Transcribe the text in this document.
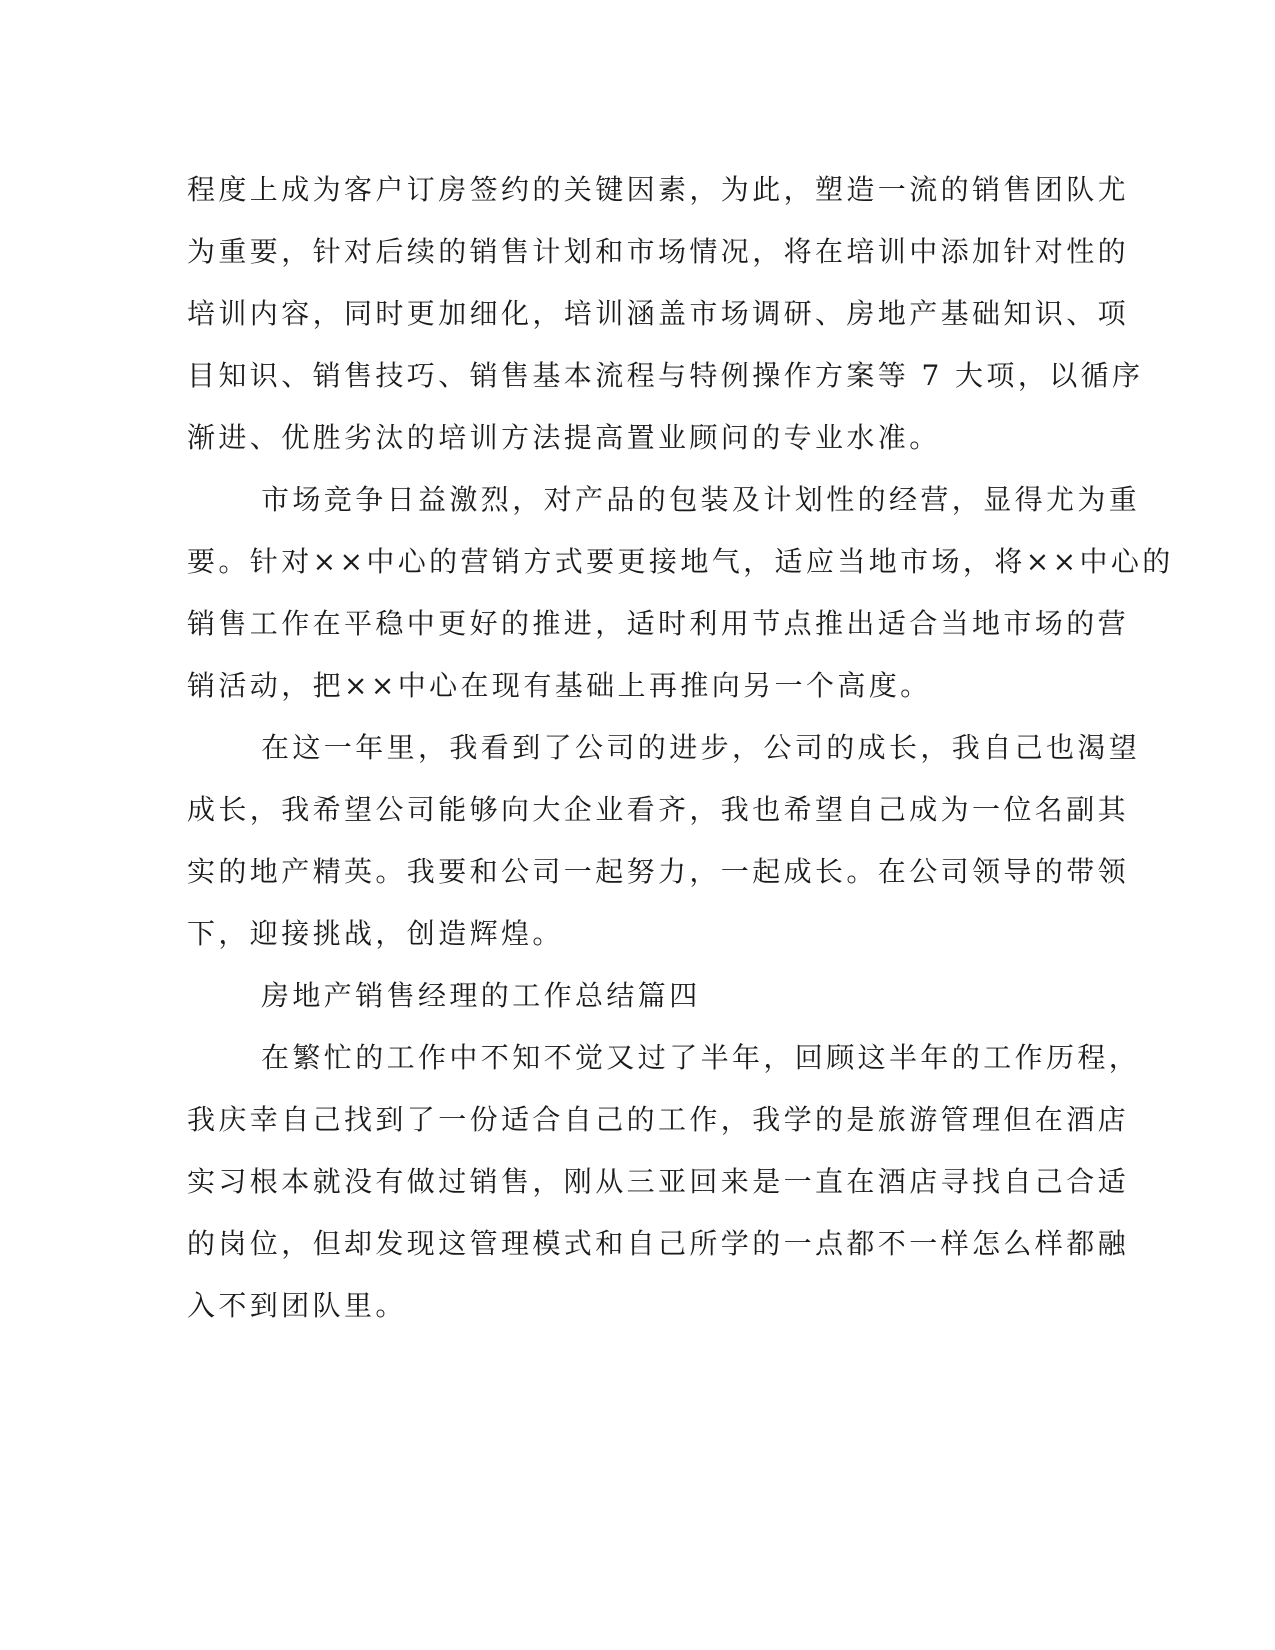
程度上成为客户订房签约的关键因素，为此，塑造一流的销售团队尤
为重要，针对后续的销售计划和市场情况，将在培训中添加针对性的
培训内容，同时更加细化，培训涵盖市场调研、房地产基础知识、项
目知识、销售技巧、销售基本流程与特例操作方案等 7 大项，以循序
渐进、优胜劣汰的培训方法提高置业顾问的专业水准。
市场竞争日益激烈，对产品的包装及计划性的经营，显得尤为重
要。针对××中心的营销方式要更接地气，适应当地市场，将××中心的
销售工作在平稳中更好的推进，适时利用节点推出适合当地市场的营
销活动，把××中心在现有基础上再推向另一个高度。
在这一年里，我看到了公司的进步，公司的成长，我自己也渴望
成长，我希望公司能够向大企业看齐，我也希望自己成为一位名副其
实的地产精英。我要和公司一起努力，一起成长。在公司领导的带领
下，迎接挑战，创造辉煌。
房地产销售经理的工作总结篇四
在繁忙的工作中不知不觉又过了半年，回顾这半年的工作历程，
我庆幸自己找到了一份适合自己的工作，我学的是旅游管理但在酒店
实习根本就没有做过销售，刚从三亚回来是一直在酒店寻找自己合适
的岗位，但却发现这管理模式和自己所学的一点都不一样怎么样都融
入不到团队里。
